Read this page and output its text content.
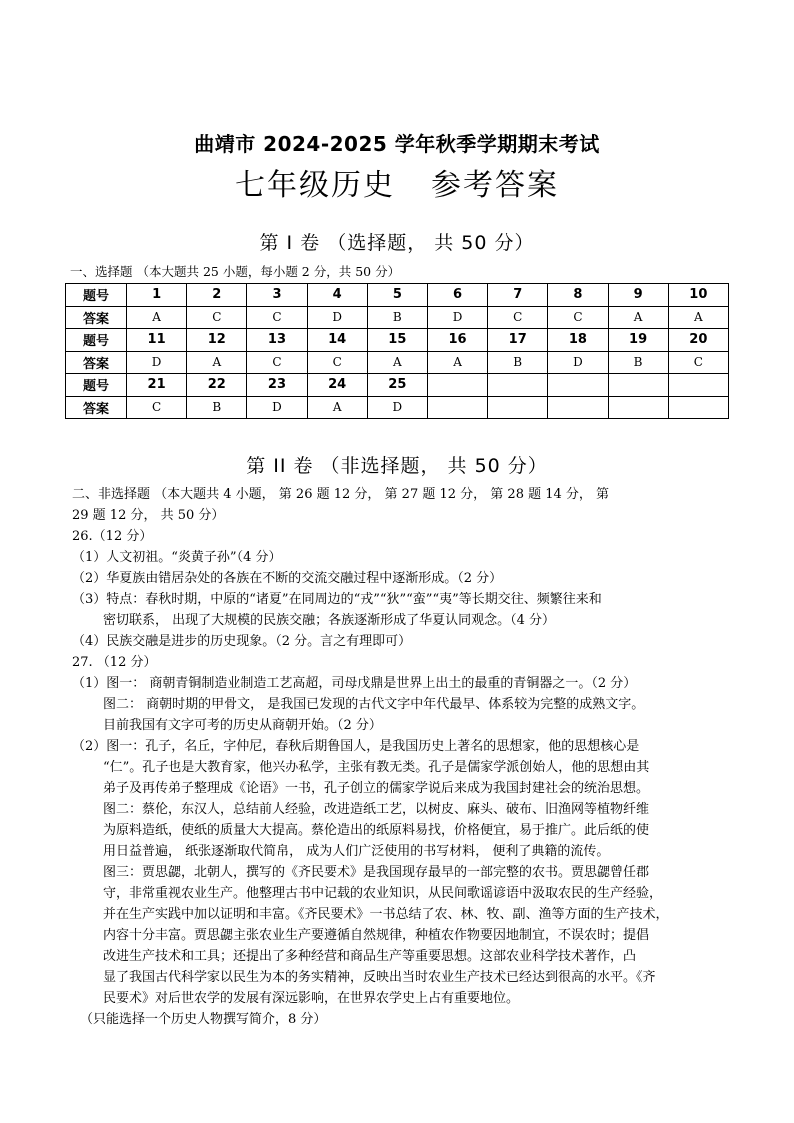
曲靖市 2024-2025 学年秋季学期期末考试
七年级历史 参考答案
第 Ⅰ 卷 （选择题， 共 50 分）
一、选择题 （本大题共 25 小题，每小题 2 分，共 50 分）
题号	1	2	3	4	5	6	7	8	9	10
答案	A	C	C	D	B	D	C	C	A	A
题号	11	12	13	14	15	16	17	18	19	20
答案	D	A	C	C	A	A	B	D	B	C
题号	21	22	23	24	25					
答案	C	B	D	A	D					
第 II 卷 （非选择题， 共 50 分）
二、非选择题 （本大题共 4 小题， 第 26 题 12 分， 第 27 题 12 分， 第 28 题 14 分， 第
29 题 12 分， 共 50 分）
26.（12 分）
（1）人文初祖。“炎黄子孙”（4 分）
（2）华夏族由错居杂处的各族在不断的交流交融过程中逐渐形成。（2 分）
（3）特点：春秋时期，中原的“诸夏”在同周边的“戎”“狄”“蛮”“夷”等长期交往、频繁往来和
密切联系， 出现了大规模的民族交融；各族逐渐形成了华夏认同观念。（4 分）
（4）民族交融是进步的历史现象。（2 分。言之有理即可）
27. （12 分）
（1）图一： 商朝青铜制造业制造工艺高超，司母戊鼎是世界上出土的最重的青铜器之一。（2 分）
图二： 商朝时期的甲骨文， 是我国已发现的古代文字中年代最早、体系较为完整的成熟文字。
目前我国有文字可考的历史从商朝开始。（2 分）
（2）图一：孔子，名丘，字仲尼，春秋后期鲁国人，是我国历史上著名的思想家，他的思想核心是
“仁”。孔子也是大教育家，他兴办私学，主张有教无类。孔子是儒家学派创始人，他的思想由其
弟子及再传弟子整理成《论语》一书，孔子创立的儒家学说后来成为我国封建社会的统治思想。
图二：蔡伦，东汉人，总结前人经验，改进造纸工艺，以树皮、麻头、破布、旧渔网等植物纤维
为原料造纸，使纸的质量大大提高。蔡伦造出的纸原料易找，价格便宜，易于推广。此后纸的使
用日益普遍， 纸张逐渐取代简帛， 成为人们广泛使用的书写材料， 便利了典籍的流传。
图三：贾思勰，北朝人，撰写的《齐民要术》是我国现存最早的一部完整的农书。贾思勰曾任郡
守，非常重视农业生产。他整理古书中记载的农业知识，从民间歌谣谚语中汲取农民的生产经验，
并在生产实践中加以证明和丰富。《齐民要术》一书总结了农、林、牧、副、渔等方面的生产技术，
内容十分丰富。贾思勰主张农业生产要遵循自然规律，种植农作物要因地制宜，不误农时；提倡
改进生产技术和工具；还提出了多种经营和商品生产等重要思想。这部农业科学技术著作，凸
显了我国古代科学家以民生为本的务实精神，反映出当时农业生产技术已经达到很高的水平。《齐
民要术》对后世农学的发展有深远影响，在世界农学史上占有重要地位。
（只能选择一个历史人物撰写简介，8 分）
